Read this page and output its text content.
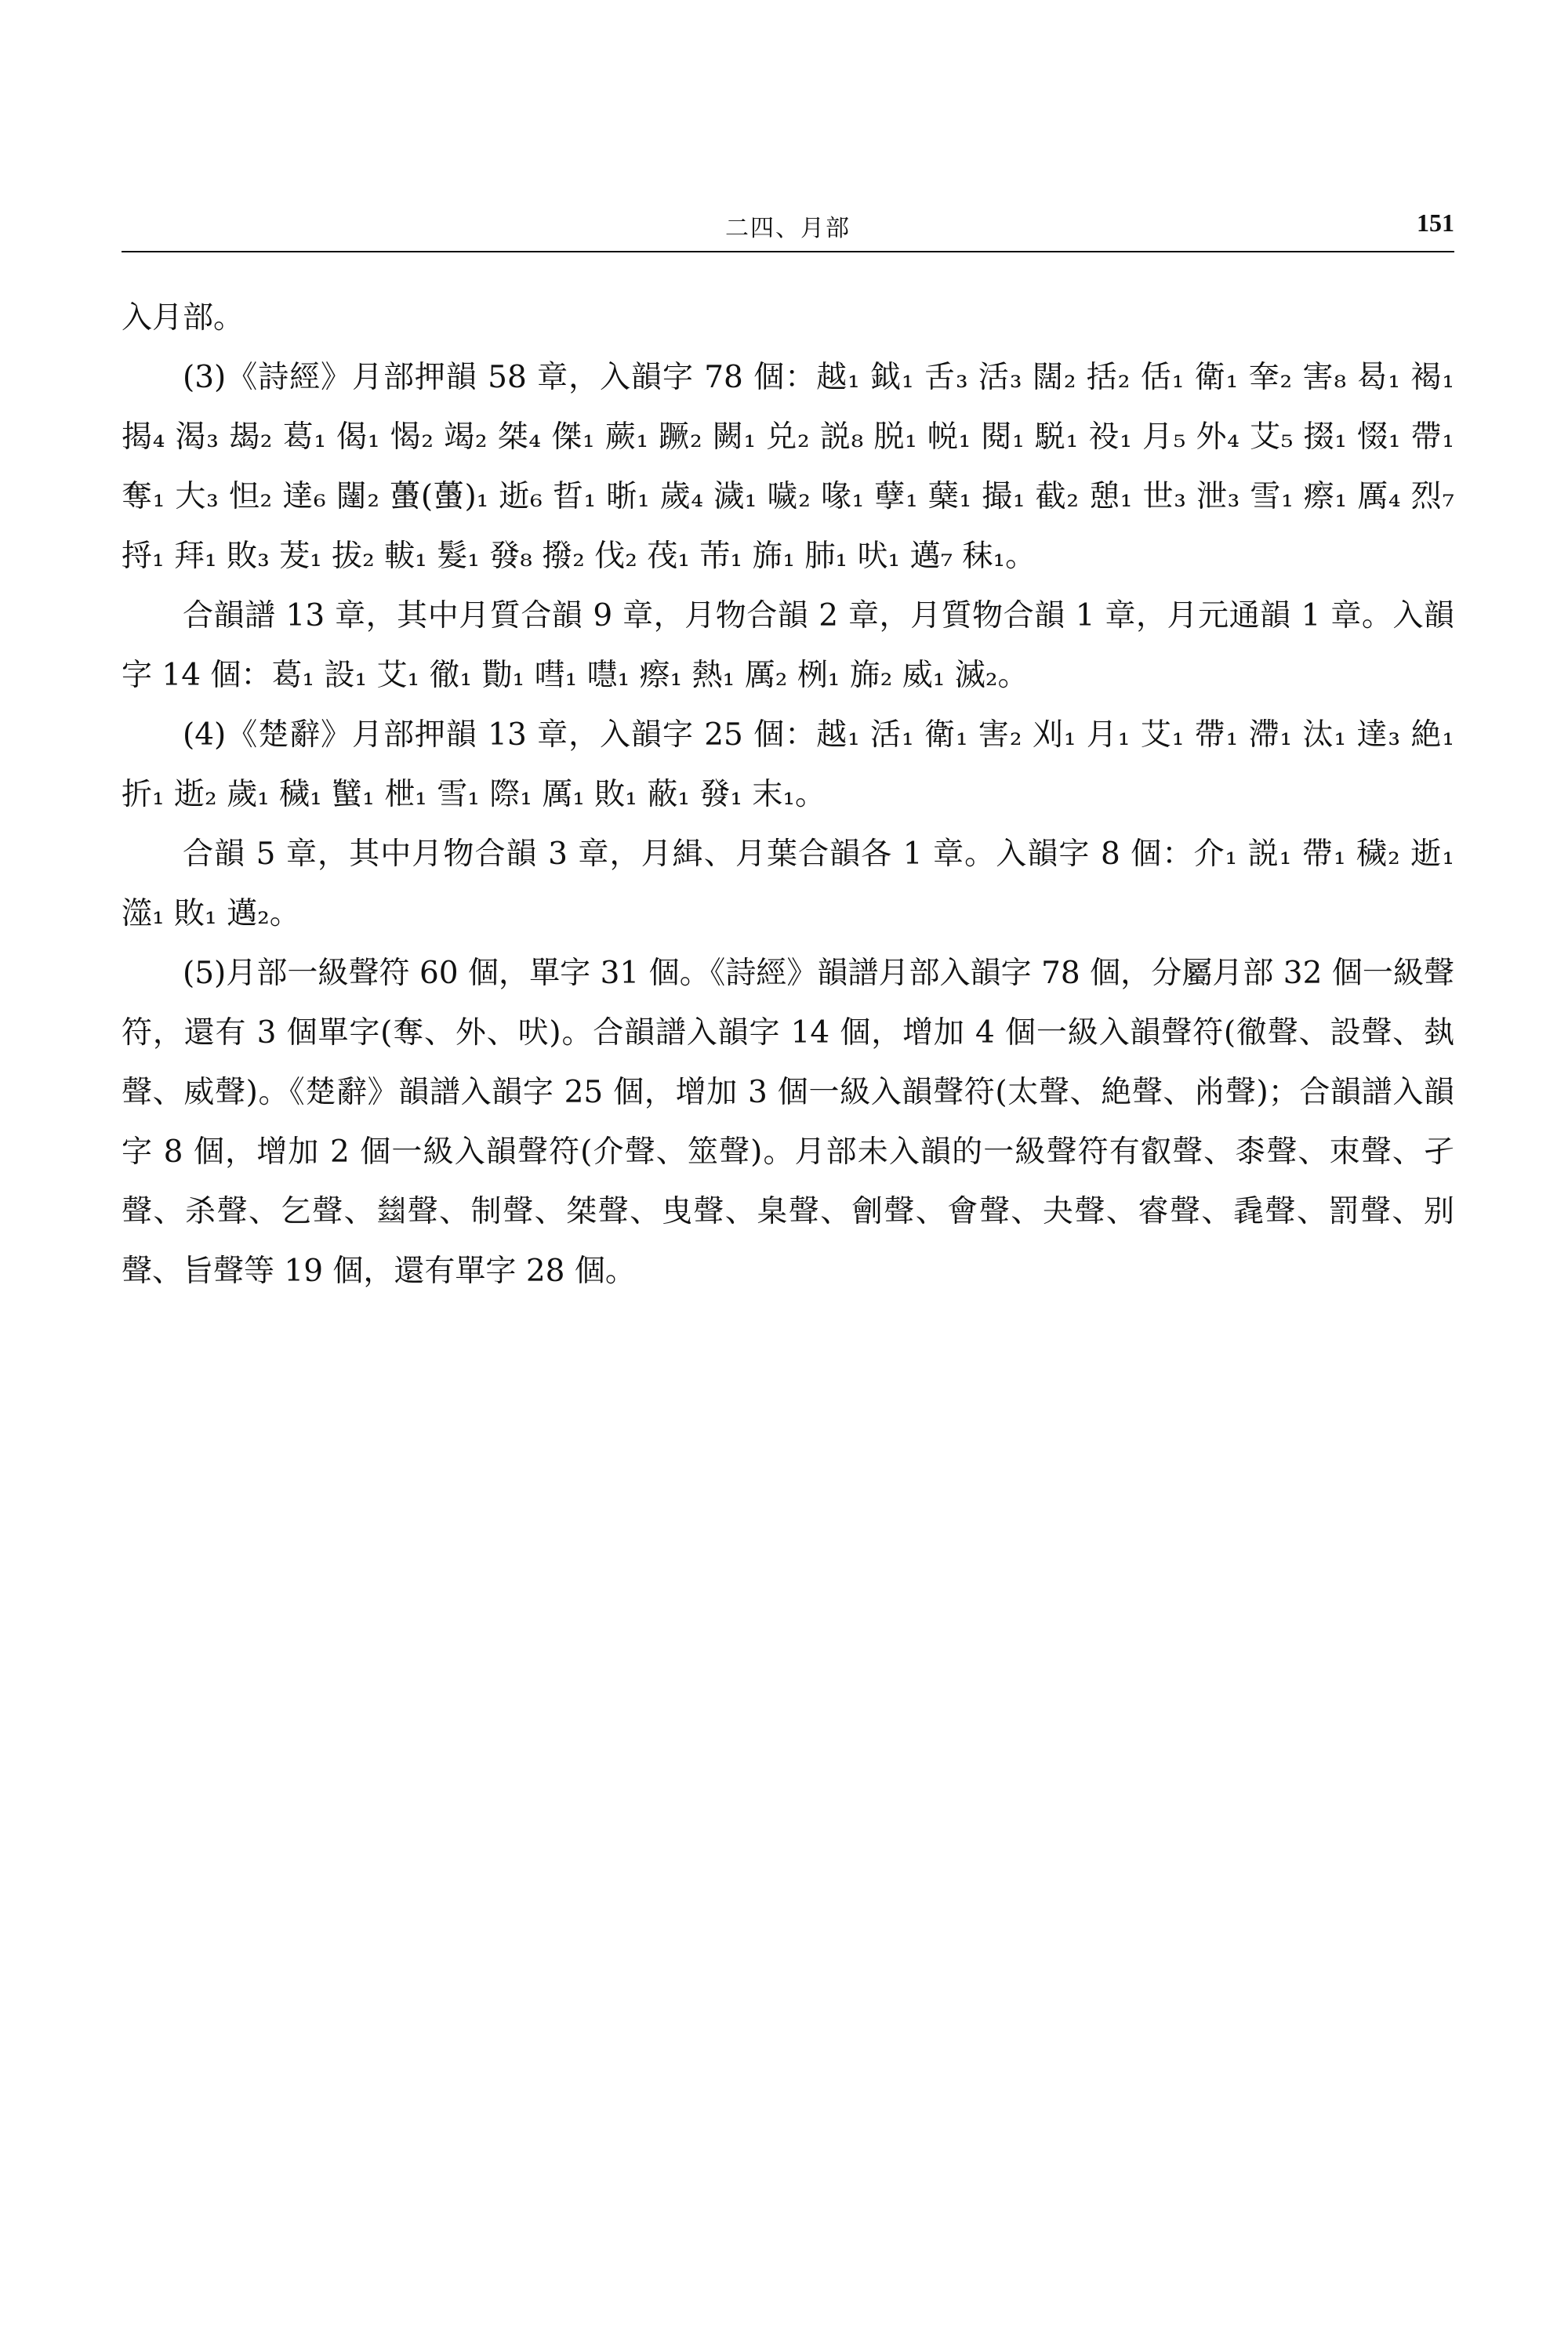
二四、月部	151

入月部。

(3)《詩經》月部押韻 58 章，入韻字 78 個：越₁ 鉞₁ 舌₃ 活₃ 闊₂ 括₂ 佸₁ 衛₁ 羍₂ 害₈ 曷₁ 褐₁ 揭₄ 渴₃ 朅₂ 葛₁ 偈₁ 愒₂ 竭₂ 桀₄ 傑₁ 蕨₁ 蹶₂ 闕₁ 兑₂ 説₈ 脱₁ 帨₁ 閱₁ 駾₁ 祋₁ 月₅ 外₄ 艾₅ 掇₁ 惙₁ 帶₁ 奪₁ 大₃ 怛₂ 達₆ 闥₂ 蠆(蠆)₁ 逝₆ 晢₁ 晣₁ 歲₄ 濊₁ 噦₂ 喙₁ 孽₁ 蘖₁ 撮₁ 截₂ 憩₁ 世₃ 泄₃ 雪₁ 瘵₁ 厲₄ 烈₇ 捋₁ 拜₁ 敗₃ 茇₁ 拔₂ 軷₁ 髮₁ 發₈ 撥₂ 伐₂ 茷₁ 芾₁ 旆₁ 肺₁ 吠₁ 邁₇ 秣₁。

合韻譜 13 章，其中月質合韻 9 章，月物合韻 2 章，月質物合韻 1 章，月元通韻 1 章。入韻字 14 個：葛₁ 設₁ 艾₁ 徹₁ 勩₁ 嘒₁ 嚖₁ 瘵₁ 熱₁ 厲₂ 栵₁ 旆₂ 威₁ 滅₂。

(4)《楚辭》月部押韻 13 章，入韻字 25 個：越₁ 活₁ 衛₁ 害₂ 刈₁ 月₁ 艾₁ 帶₁ 滯₁ 汰₁ 達₃ 絶₁ 折₁ 逝₂ 歲₁ 穢₁ 蠥₁ 枻₁ 雪₁ 際₁ 厲₁ 敗₁ 蔽₁ 發₁ 末₁。

合韻 5 章，其中月物合韻 3 章，月緝、月葉合韻各 1 章。入韻字 8 個：介₁ 説₁ 帶₁ 穢₂ 逝₁ 澨₁ 敗₁ 邁₂。

(5)月部一級聲符 60 個，單字 31 個。《詩經》韻譜月部入韻字 78 個，分屬月部 32 個一級聲符，還有 3 個單字(奪、外、吠)。合韻譜入韻字 14 個，增加 4 個一級入韻聲符(徹聲、設聲、埶聲、威聲)。《楚辭》韻譜入韻字 25 個，增加 3 個一級入韻聲符(太聲、絶聲、㡀聲)；合韻譜入韻字 8 個，增加 2 個一級入韻聲符(介聲、筮聲)。月部未入韻的一級聲符有叡聲、桼聲、朿聲、孑聲、杀聲、乞聲、𢇍聲、制聲、桀聲、曳聲、臬聲、劊聲、會聲、夬聲、睿聲、毳聲、罰聲、别聲、旨聲等 19 個，還有單字 28 個。
